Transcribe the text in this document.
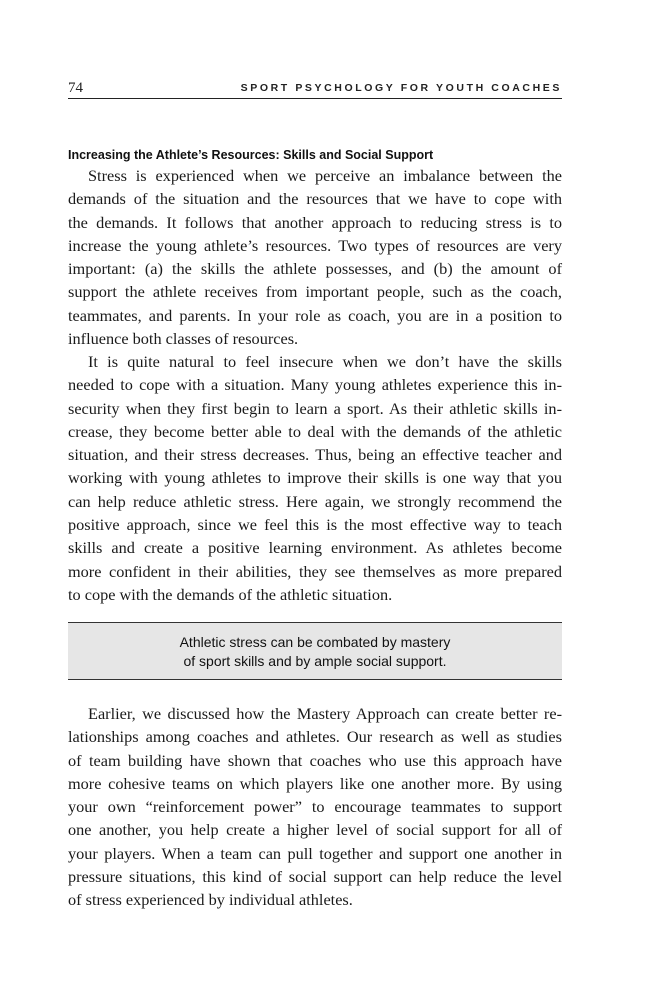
74	SPORT PSYCHOLOGY FOR YOUTH COACHES
Increasing the Athlete’s Resources: Skills and Social Support

Stress is experienced when we perceive an imbalance between the
demands of the situation and the resources that we have to cope with
the demands. It follows that another approach to reducing stress is to
increase the young athlete’s resources. Two types of resources are very
important: (a) the skills the athlete possesses, and (b) the amount of
support the athlete receives from important people, such as the coach,
teammates, and parents. In your role as coach, you are in a position to
influence both classes of resources.

It is quite natural to feel insecure when we don’t have the skills
needed to cope with a situation. Many young athletes experience this in-
security when they first begin to learn a sport. As their athletic skills in-
crease, they become better able to deal with the demands of the athletic
situation, and their stress decreases. Thus, being an effective teacher and
working with young athletes to improve their skills is one way that you
can help reduce athletic stress. Here again, we strongly recommend the
positive approach, since we feel this is the most effective way to teach
skills and create a positive learning environment. As athletes become
more confident in their abilities, they see themselves as more prepared
to cope with the demands of the athletic situation.

Athletic stress can be combated by mastery
of sport skills and by ample social support.

Earlier, we discussed how the Mastery Approach can create better re-
lationships among coaches and athletes. Our research as well as studies
of team building have shown that coaches who use this approach have
more cohesive teams on which players like one another more. By using
your own “reinforcement power” to encourage teammates to support
one another, you help create a higher level of social support for all of
your players. When a team can pull together and support one another in
pressure situations, this kind of social support can help reduce the level
of stress experienced by individual athletes.
